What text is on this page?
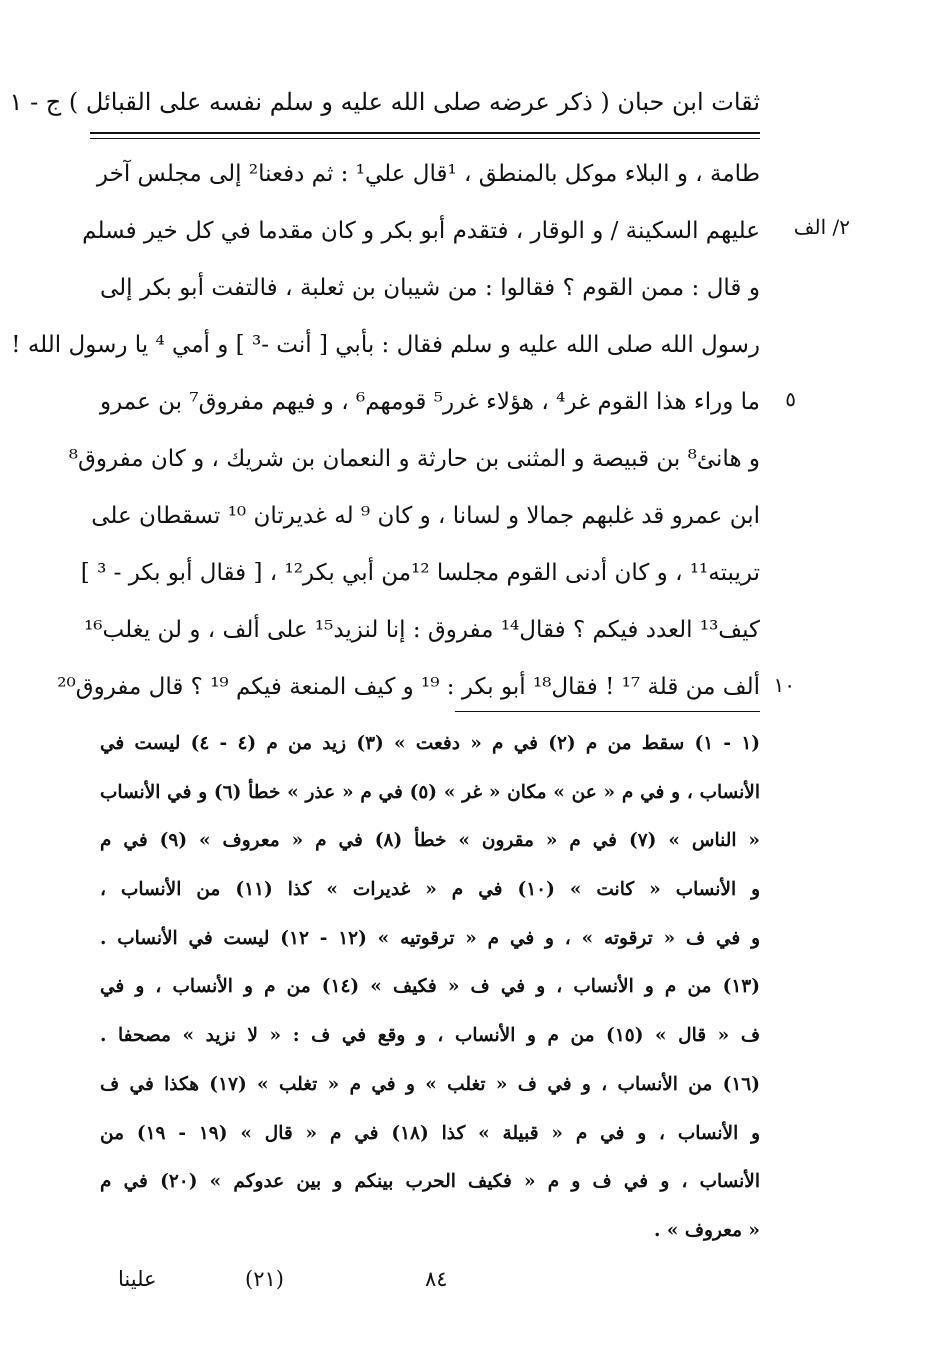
ثقات ابن حبان ( ذكر عرضه صلى الله عليه و سلم نفسه على القبائل ) ج - ١
٢/ الف
٥
١٠
طامة ، و البلاء موكل بالمنطق ، ¹قال علي¹ : ثم دفعنا² إلى مجلس آخر
عليهم السكينة / و الوقار ، فتقدم أبو بكر و كان مقدما في كل خير فسلم
و قال : ممن القوم ؟ فقالوا : من شيبان بن ثعلبة ، فالتفت أبو بكر إلى
رسول الله صلى الله عليه و سلم فقال : بأبي [ أنت -³ ] و أمي ⁴ يا رسول الله !
ما وراء هذا القوم غر⁴ ، هؤلاء غرر⁵ قومهم⁶ ، و فيهم مفروق⁷ بن عمرو
و هانئ⁸ بن قبيصة و المثنى بن حارثة و النعمان بن شريك ، و كان مفروق⁸
ابن عمرو قد غلبهم جمالا و لسانا ، و كان ⁹ له غديرتان ¹⁰ تسقطان على
تريبته¹¹ ، و كان أدنى القوم مجلسا ¹²من أبي بكر¹² ، [ فقال أبو بكر - ³ ]
كيف¹³ العدد فيكم ؟ فقال¹⁴ مفروق : إنا لنزيد¹⁵ على ألف ، و لن يغلب¹⁶
ألف من قلة ¹⁷ ! فقال¹⁸ أبو بكر : ¹⁹ و كيف المنعة فيكم ¹⁹ ؟ قال مفروق²⁰
(١ - ١) سقط من م (٢) في م « دفعت » (٣) زيد من م (٤ - ٤) ليست في
الأنساب ، و في م « عن » مكان « غر » (٥) في م « عذر » خطأ (٦) و في الأنساب
« الناس » (٧) في م « مقرون » خطأ (٨) في م « معروف » (٩) في م
و الأنساب « كانت » (١٠) في م « غديرات » كذا (١١) من الأنساب ،
و في ف « ترقوته » ، و في م « ترقوتيه » (١٢ - ١٢) ليست في الأنساب .
(١٣) من م و الأنساب ، و في ف « فكيف » (١٤) من م و الأنساب ، و في
ف « قال » (١٥) من م و الأنساب ، و وقع في ف : « لا نزيد » مصحفا .
(١٦) من الأنساب ، و في ف « تغلب » و في م « تغلب » (١٧) هكذا في ف
و الأنساب ، و في م « قبيلة » كذا (١٨) في م « قال » (١٩ - ١٩) من
الأنساب ، و في ف و م « فكيف الحرب بينكم و بين عدوكم » (٢٠) في م
« معروف » .
علينا	(٢١)	٨٤
